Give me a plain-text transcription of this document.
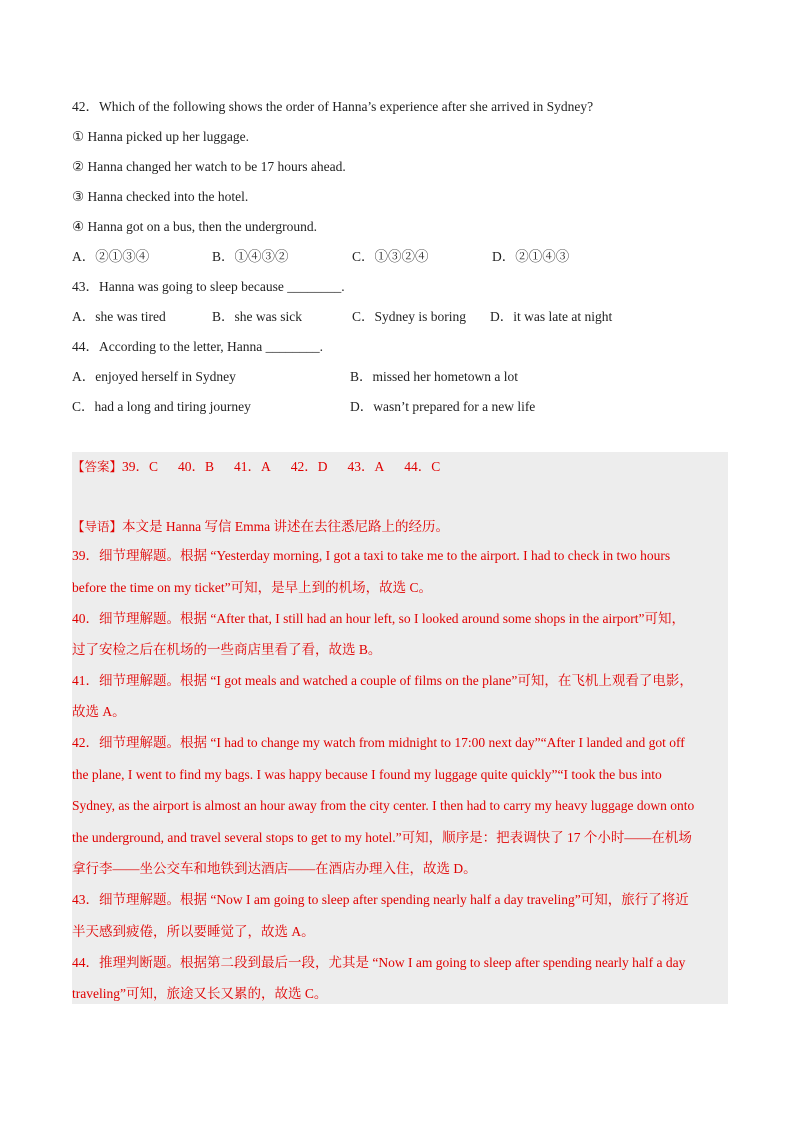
42．Which of the following shows the order of Hanna’s experience after she arrived in Sydney?
① Hanna picked up her luggage.
② Hanna changed her watch to be 17 hours ahead.
③ Hanna checked into the hotel.
④ Hanna got on a bus, then the underground.
A．②①③④	B．①④③②	C．①③②④	D．②①④③
43．Hanna was going to sleep because ________.
A．she was tired	B．she was sick	C．Sydney is boring D．it was late at night
44．According to the letter, Hanna ________.
A．enjoyed herself in Sydney	B．missed her hometown a lot
C．had a long and tiring journey	D．wasn’t prepared for a new life
【答案】39．C 40．B 41．A 42．D 43．A 44．C
【导语】本文是 Hanna 写信 Emma 讲述在去往悉尼路上的经历。
39．细节理解题。根据 “Yesterday morning, I got a taxi to take me to the airport. I had to check in two hours
before the time on my ticket”可知，是早上到的机场，故选 C。
40．细节理解题。根据 “After that, I still had an hour left, so I looked around some shops in the airport”可知，
过了安检之后在机场的一些商店里看了看，故选 B。
41．细节理解题。根据 “I got meals and watched a couple of films on the plane”可知，在飞机上观看了电影，
故选 A。
42．细节理解题。根据 “I had to change my watch from midnight to 17:00 next day”“After I landed and got off
the plane, I went to find my bags. I was happy because I found my luggage quite quickly”“I took the bus into
Sydney, as the airport is almost an hour away from the city center. I then had to carry my heavy luggage down onto
the underground, and travel several stops to get to my hotel.”可知，顺序是：把表调快了 17 个小时——在机场
拿行李——坐公交车和地铁到达酒店——在酒店办理入住，故选 D。
43．细节理解题。根据 “Now I am going to sleep after spending nearly half a day traveling”可知，旅行了将近
半天感到疲倦，所以要睡觉了，故选 A。
44．推理判断题。根据第二段到最后一段，尤其是 “Now I am going to sleep after spending nearly half a day
traveling”可知，旅途又长又累的，故选 C。
